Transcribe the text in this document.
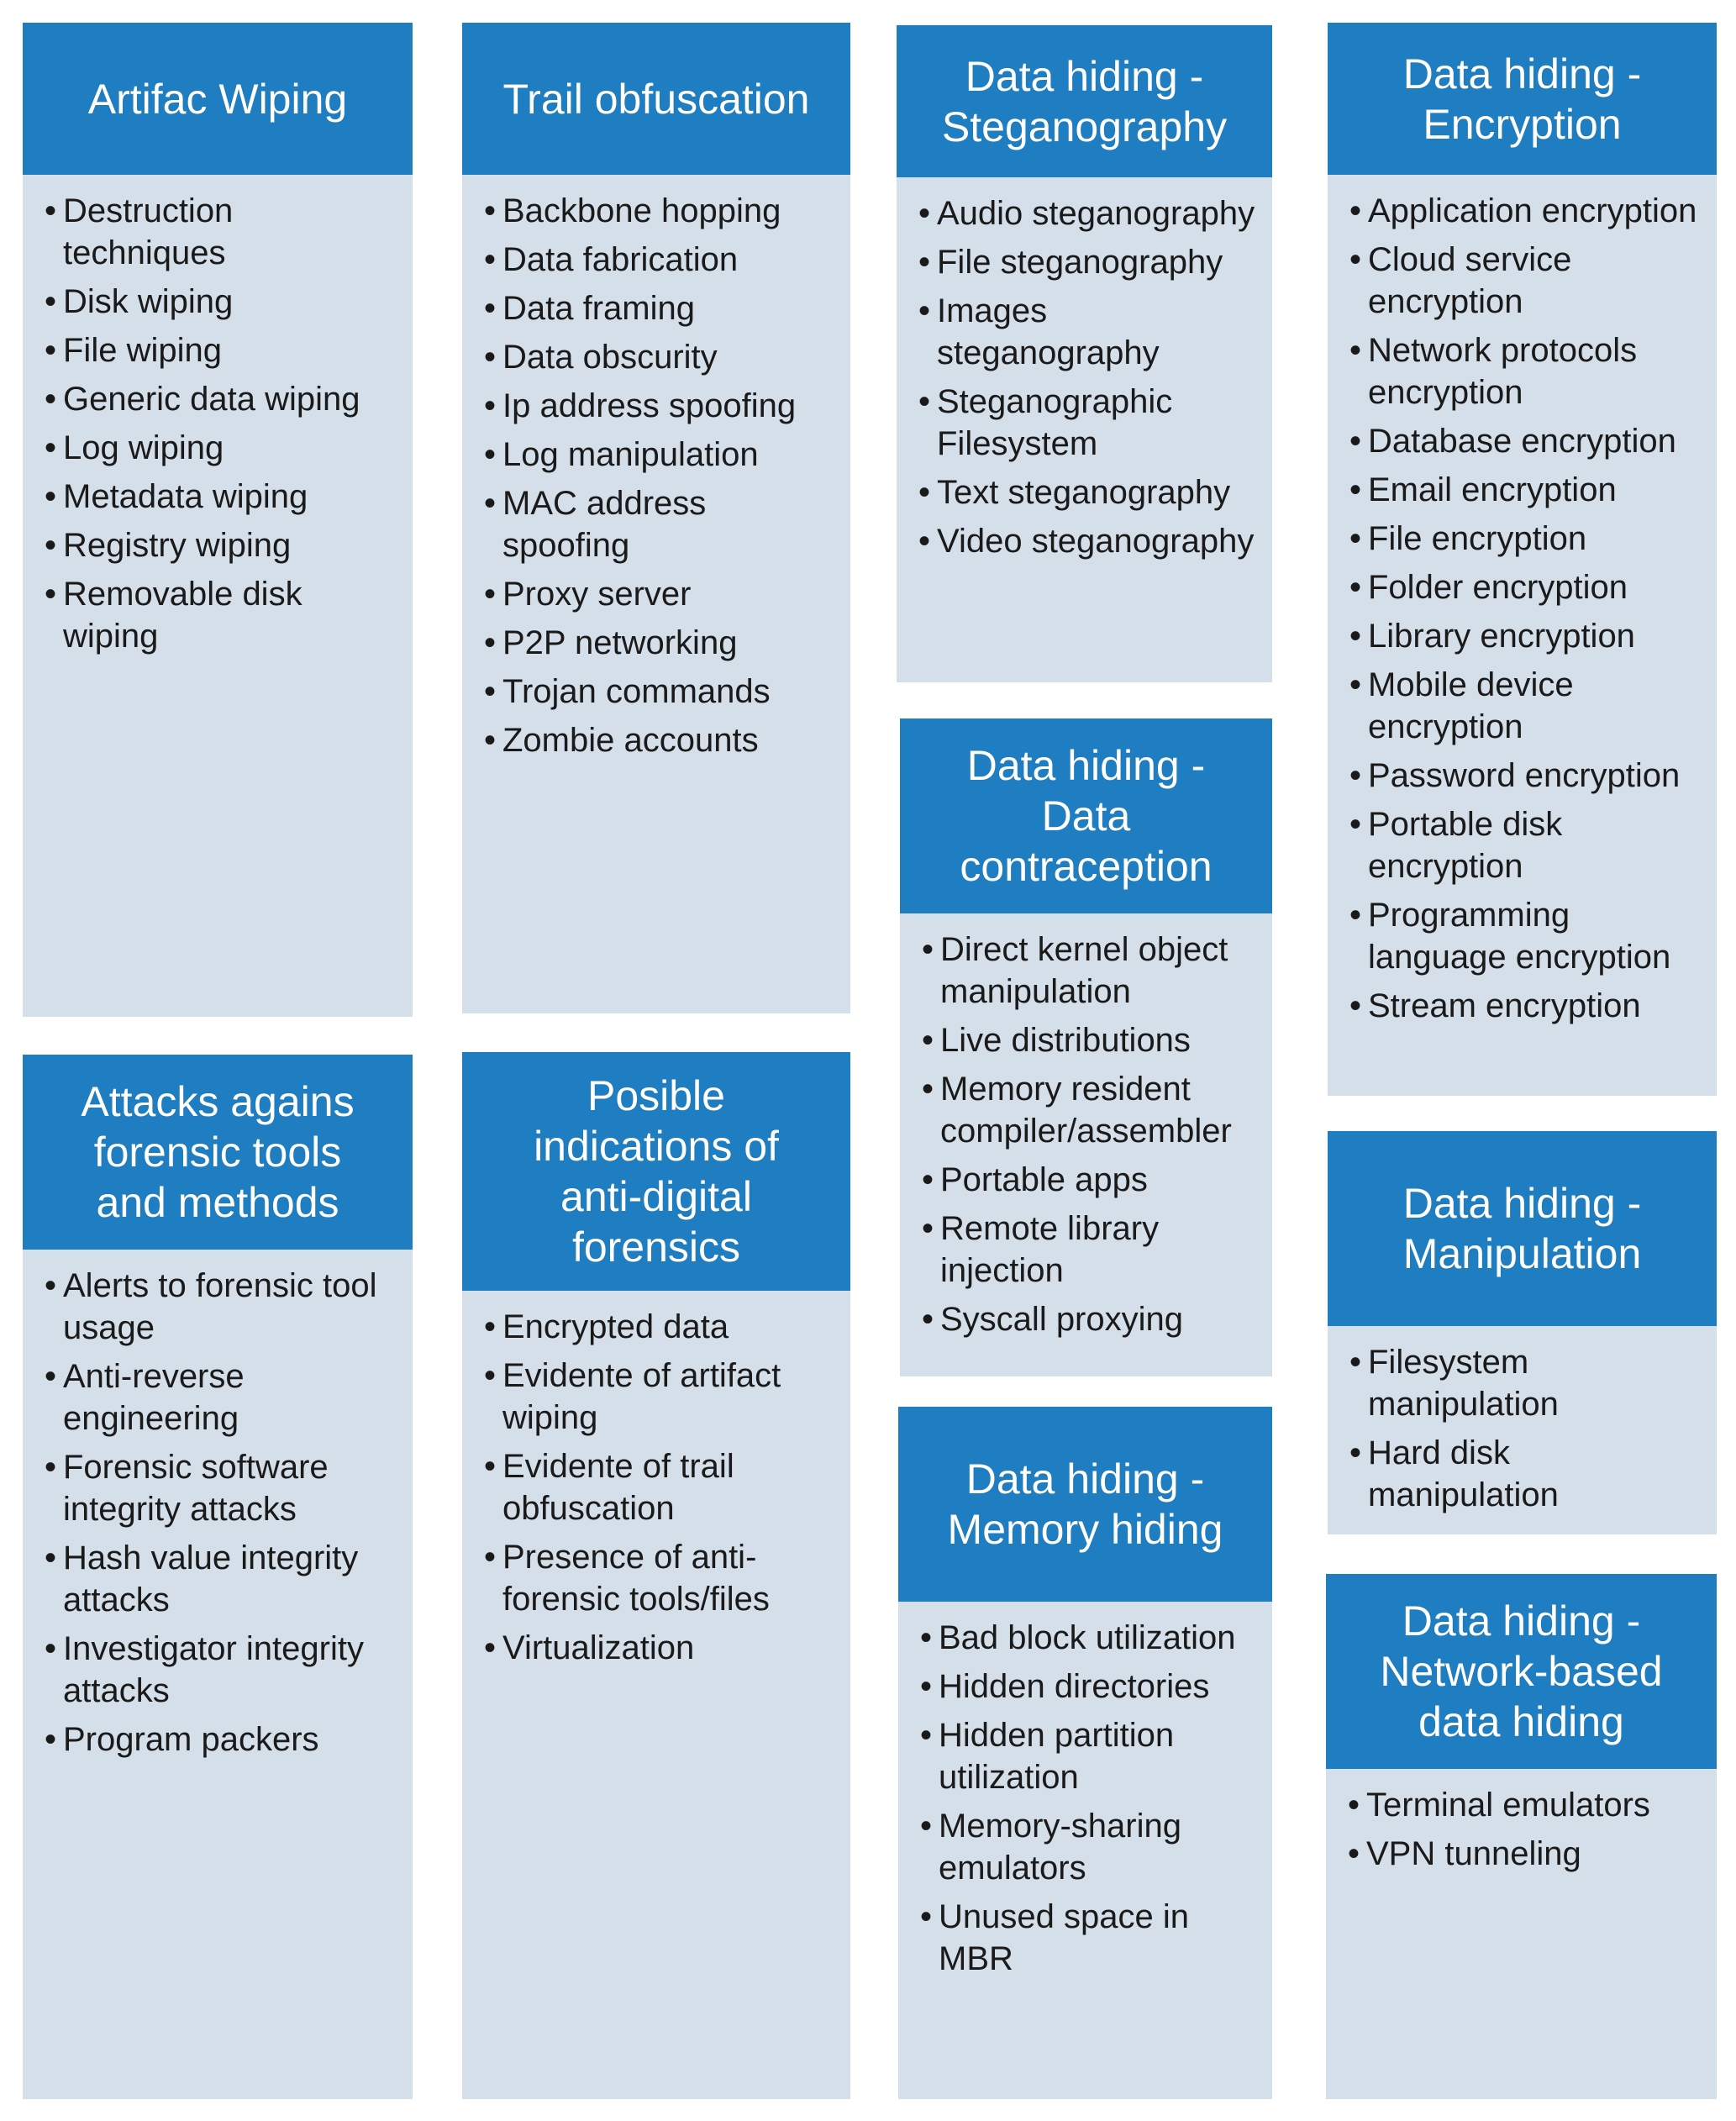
Artifac Wiping
• Destruction techniques
• Disk wiping
• File wiping
• Generic data wiping
• Log wiping
• Metadata wiping
• Registry wiping
• Removable disk wiping
Attacks agains
forensic tools
and methods
• Alerts to forensic tool usage
• Anti-reverse engineering
• Forensic software integrity attacks
• Hash value integrity attacks
• Investigator integrity attacks
• Program packers
Trail obfuscation
• Backbone hopping
• Data fabrication
• Data framing
• Data obscurity
• Ip address spoofing
• Log manipulation
• MAC address spoofing
• Proxy server
• P2P networking
• Trojan commands
• Zombie accounts
Posible
indications of
anti-digital
forensics
• Encrypted data
• Evidente of artifact wiping
• Evidente of trail obfuscation
• Presence of anti-forensic tools/files
• Virtualization
Data hiding -
Steganography
• Audio steganography
• File steganography
• Images steganography
• Steganographic Filesystem
• Text steganography
• Video steganography
Data hiding -
Data
contraception
• Direct kernel object manipulation
• Live distributions
• Memory resident compiler/assembler
• Portable apps
• Remote library injection
• Syscall proxying
Data hiding -
Memory hiding
• Bad block utilization
• Hidden directories
• Hidden partition utilization
• Memory-sharing emulators
• Unused space in MBR
Data hiding -
Encryption
• Application encryption
• Cloud service encryption
• Network protocols encryption
• Database encryption
• Email encryption
• File encryption
• Folder encryption
• Library encryption
• Mobile device encryption
• Password encryption
• Portable disk encryption
• Programming language encryption
• Stream encryption
Data hiding -
Manipulation
• Filesystem manipulation
• Hard disk manipulation
Data hiding -
Network-based
data hiding
• Terminal emulators
• VPN tunneling
